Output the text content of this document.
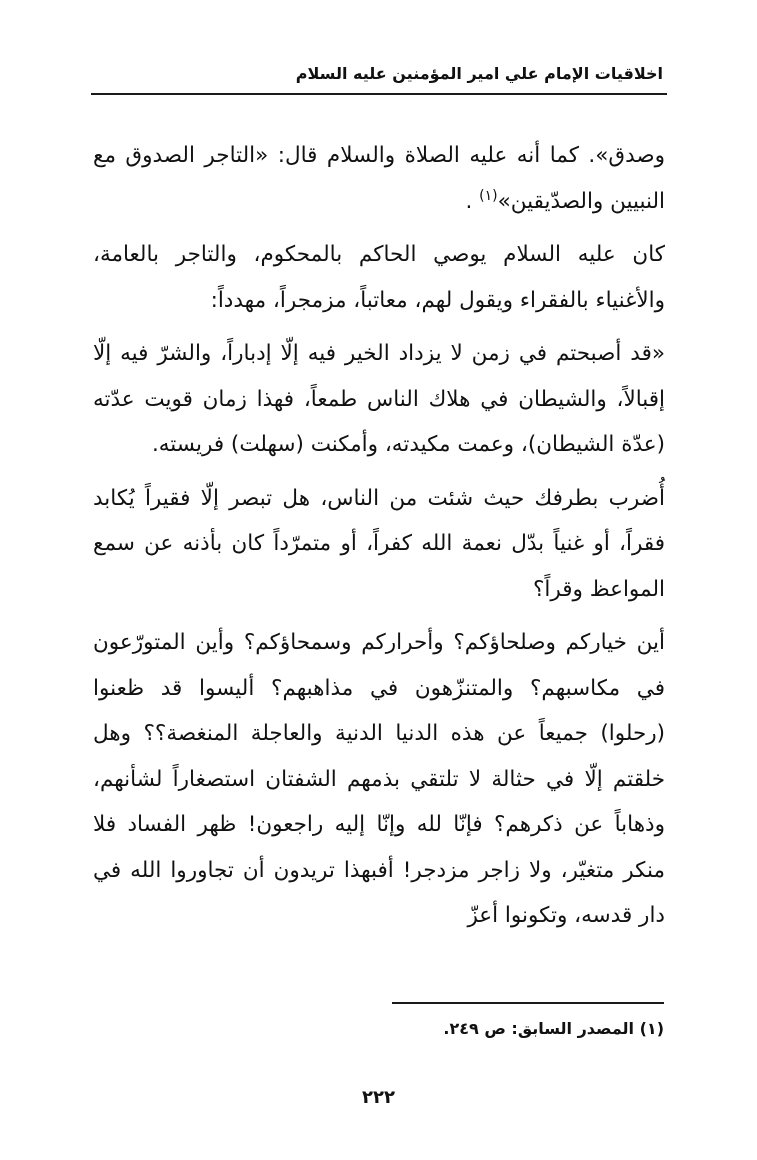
اخلاقيات الإمام علي امير المؤمنين عليه السلام

وصدق». كما أنه عليه الصلاة والسلام قال: «التاجر الصدوق مع النبيين والصدّيقين»$^{(١)}$ .

كان عليه السلام يوصي الحاكم بالمحكوم، والتاجر بالعامة، والأغنياء بالفقراء ويقول لهم، معاتباً، مزمجراً، مهدداً:

«قد أصبحتم في زمن لا يزداد الخير فيه إلّا إدباراً، والشرّ فيه إلّا إقبالاً، والشيطان في هلاك الناس طمعاً، فهذا زمان قويت عدّته (عدّة الشيطان)، وعمت مكيدته، وأمكنت (سهلت) فريسته.

أُضرب بطرفك حيث شئت من الناس، هل تبصر إلّا فقيراً يُكابد فقراً، أو غنياً بدّل نعمة الله كفراً، أو متمرّداً كان بأذنه عن سمع المواعظ وقراً؟

أين خياركم وصلحاؤكم؟ وأحراركم وسمحاؤكم؟ وأين المتورّعون في مكاسبهم؟ والمتنزّهون في مذاهبهم؟ أليسوا قد ظعنوا (رحلوا) جميعاً عن هذه الدنيا الدنية والعاجلة المنغصة؟؟ وهل خلقتم إلّا في حثالة لا تلتقي بذمهم الشفتان استصغاراً لشأنهم، وذهاباً عن ذكرهم؟ فإنّا لله وإنّا إليه راجعون! ظهر الفساد فلا منكر متغيّر، ولا زاجر مزدجر! أفبهذا تريدون أن تجاوروا الله في دار قدسه، وتكونوا أعزّ

(١) المصدر السابق: ص ٢٤٩.
٢٢٢
